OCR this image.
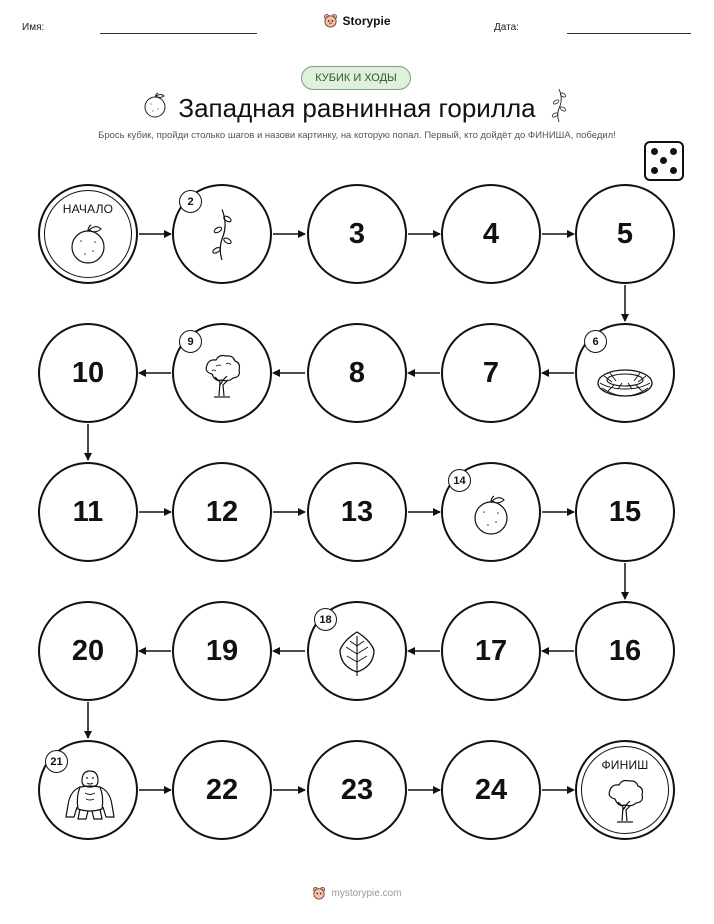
Имя:	Storypie	Дата:
КУБИК И ХОДЫ
Западная равнинная горилла
Брось кубик, пройди столько шагов и назови картинку, на которую попал. Первый, кто дойдёт до ФИНИША, победил!
НАЧАЛО
2
3	4	5
6
7
8
9
10
11	12	13
14
15
16
17
18
19
20
21
22	23	24
ФИНИШ
mystorypie.com
